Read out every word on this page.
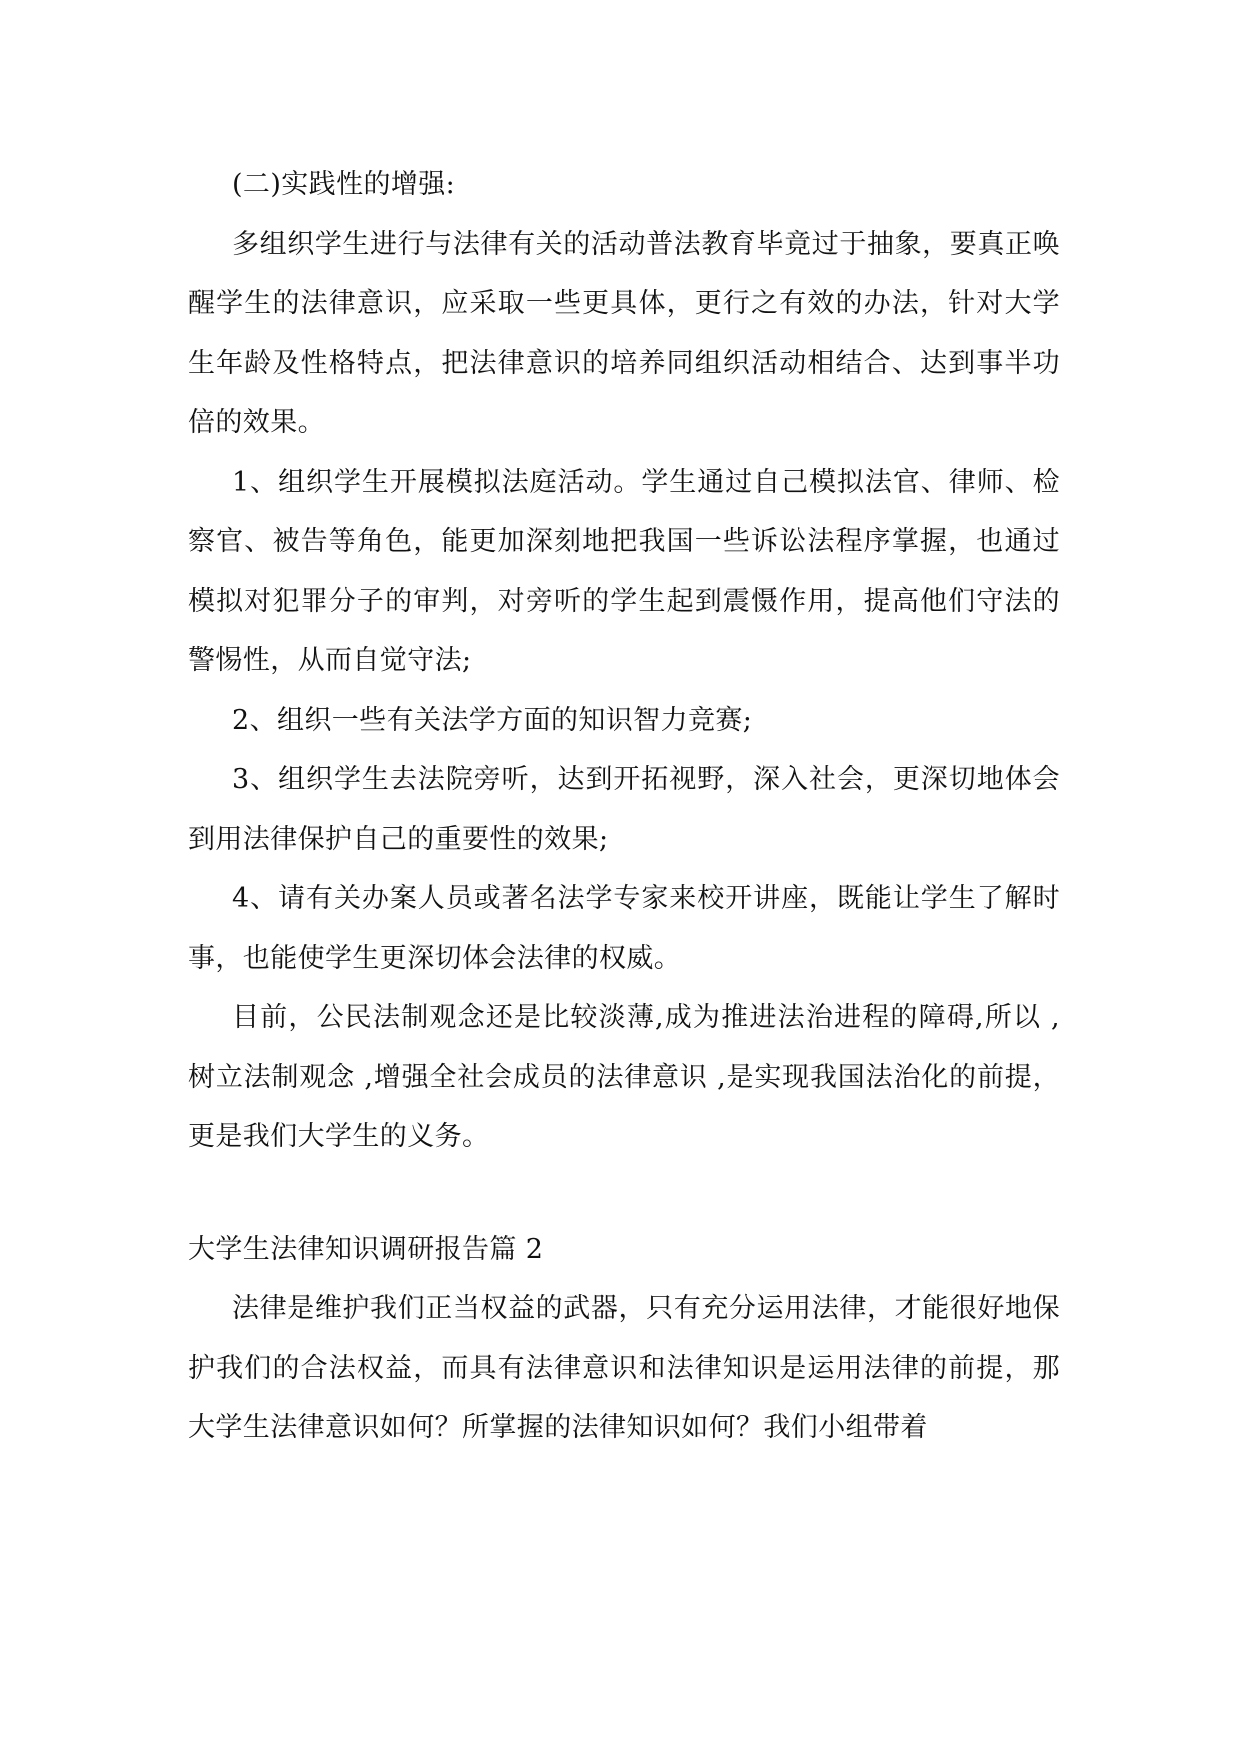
(二)实践性的增强:

多组织学生进行与法律有关的活动普法教育毕竟过于抽象，要真正唤醒学生的法律意识，应采取一些更具体，更行之有效的办法，针对大学生年龄及性格特点，把法律意识的培养同组织活动相结合、达到事半功倍的效果。

1、组织学生开展模拟法庭活动。学生通过自己模拟法官、律师、检察官、被告等角色，能更加深刻地把我国一些诉讼法程序掌握，也通过模拟对犯罪分子的审判，对旁听的学生起到震慑作用，提高他们守法的警惕性，从而自觉守法;

2、组织一些有关法学方面的知识智力竞赛;

3、组织学生去法院旁听，达到开拓视野，深入社会，更深切地体会到用法律保护自己的重要性的效果;

4、请有关办案人员或著名法学专家来校开讲座，既能让学生了解时事，也能使学生更深切体会法律的权威。

目前，公民法制观念还是比较淡薄,成为推进法治进程的障碍,所以 ,树立法制观念 ,增强全社会成员的法律意识 ,是实现我国法治化的前提，更是我们大学生的义务。

大学生法律知识调研报告篇 2

法律是维护我们正当权益的武器，只有充分运用法律，才能很好地保护我们的合法权益，而具有法律意识和法律知识是运用法律的前提，那大学生法律意识如何？所掌握的法律知识如何？我们小组带着
